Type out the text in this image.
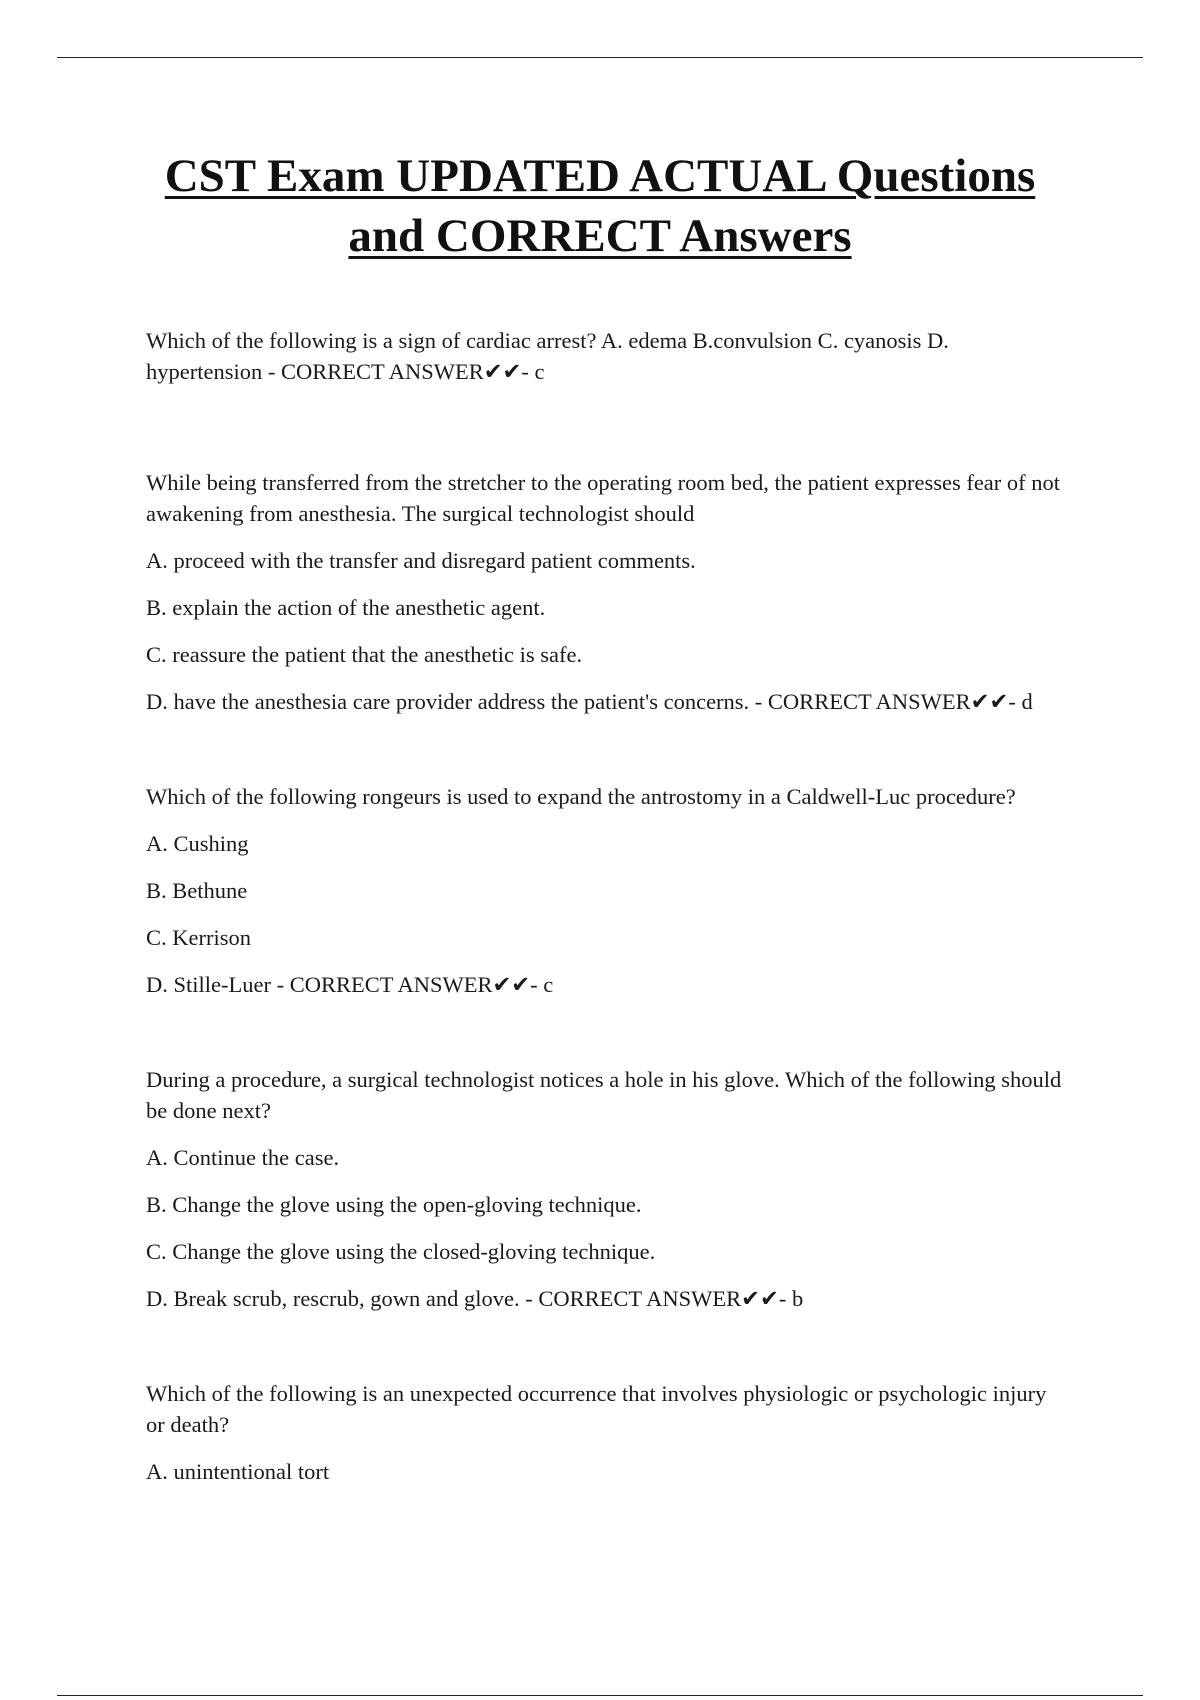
CST Exam UPDATED ACTUAL Questions
and CORRECT Answers

Which of the following is a sign of cardiac arrest? A. edema B.convulsion C. cyanosis D. hypertension - CORRECT ANSWER✔✔- c

While being transferred from the stretcher to the operating room bed, the patient expresses fear of not awakening from anesthesia. The surgical technologist should

A. proceed with the transfer and disregard patient comments.

B. explain the action of the anesthetic agent.

C. reassure the patient that the anesthetic is safe.

D. have the anesthesia care provider address the patient's concerns. - CORRECT ANSWER✔✔- d

Which of the following rongeurs is used to expand the antrostomy in a Caldwell-Luc procedure?

A. Cushing

B. Bethune

C. Kerrison

D. Stille-Luer - CORRECT ANSWER✔✔- c

During a procedure, a surgical technologist notices a hole in his glove. Which of the following should be done next?

A. Continue the case.

B. Change the glove using the open-gloving technique.

C. Change the glove using the closed-gloving technique.

D. Break scrub, rescrub, gown and glove. - CORRECT ANSWER✔✔- b

Which of the following is an unexpected occurrence that involves physiologic or psychologic injury or death?

A. unintentional tort
